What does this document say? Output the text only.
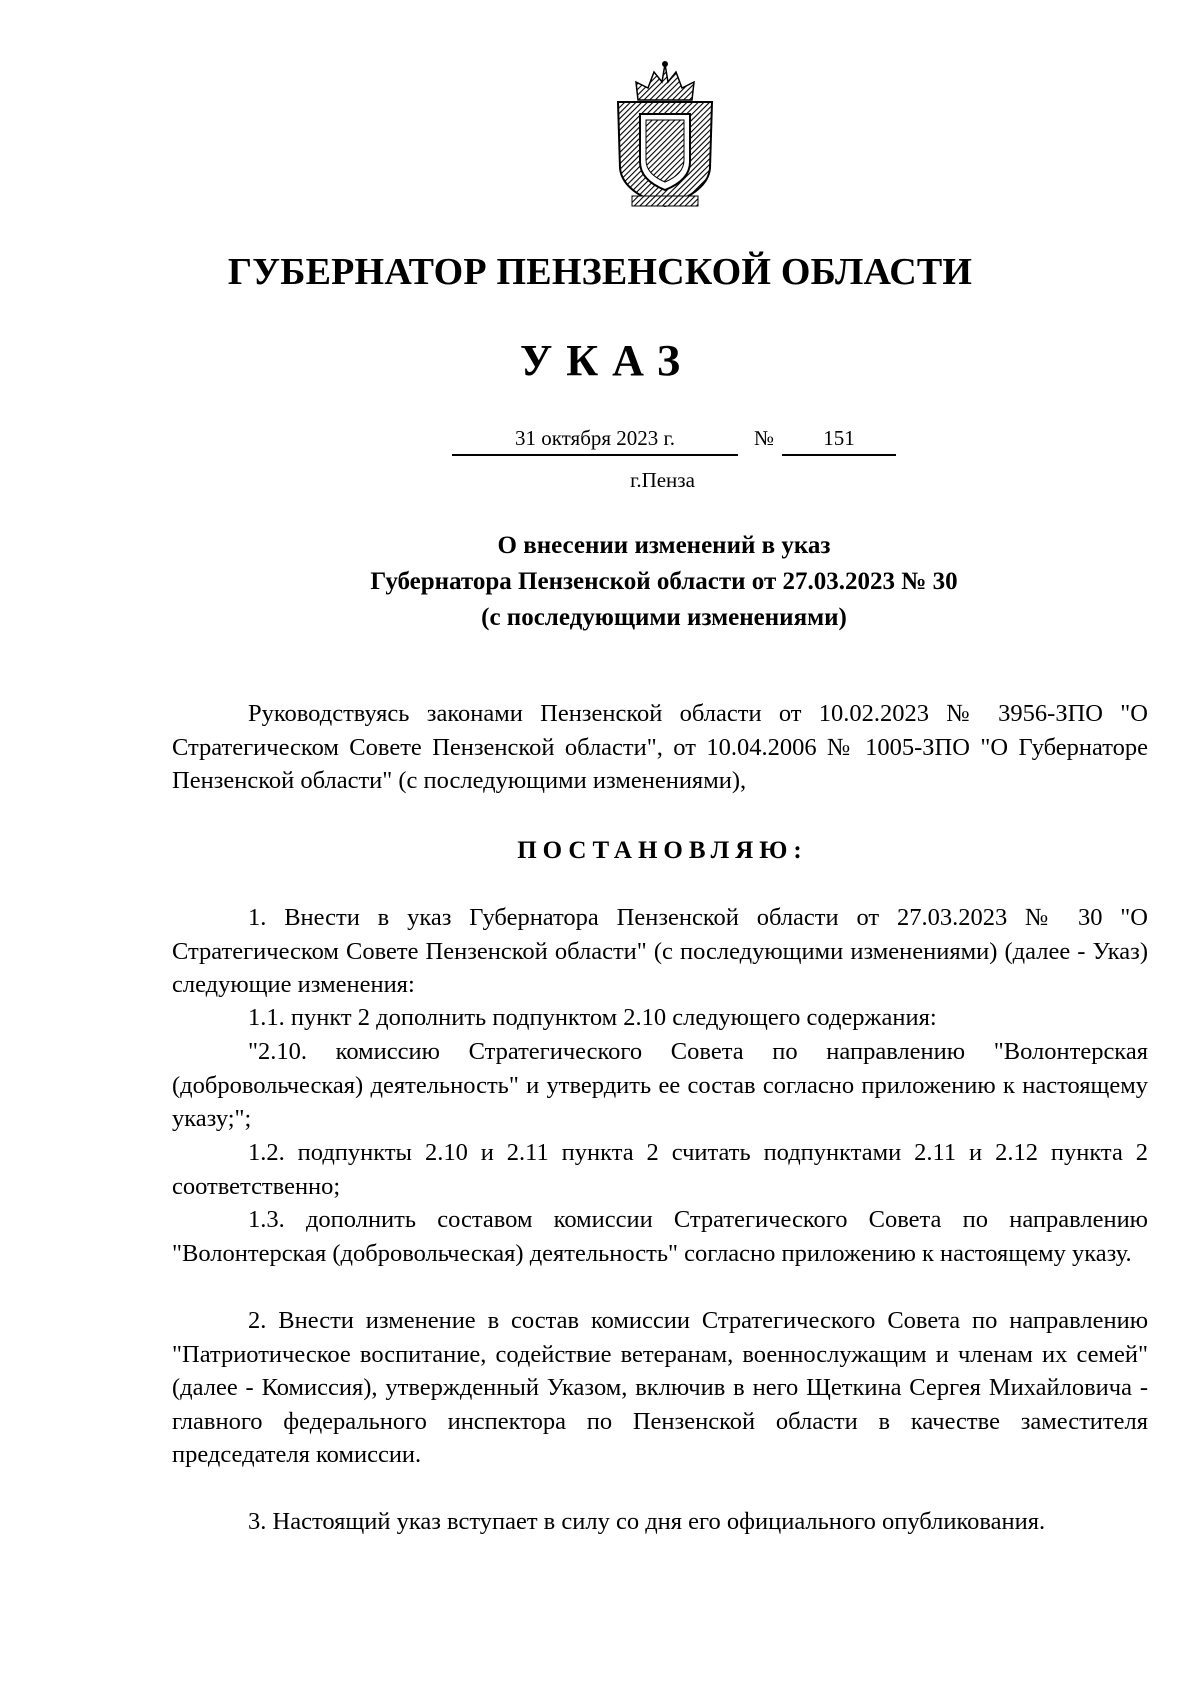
ГУБЕРНАТОР ПЕНЗЕНСКОЙ ОБЛАСТИ
УКАЗ
31 октября 2023 г.	№	151
г.Пенза
О внесении изменений в указ
Губернатора Пензенской области от 27.03.2023 № 30
(с последующими изменениями)

Руководствуясь законами Пензенской области от 10.02.2023 № 3956-ЗПО "О Стратегическом Совете Пензенской области", от 10.04.2006 № 1005-ЗПО "О Губернаторе Пензенской области" (с последующими изменениями),

ПОСТАНОВЛЯЮ:

1. Внести в указ Губернатора Пензенской области от 27.03.2023 № 30 "О Стратегическом Совете Пензенской области" (с последующими изменениями) (далее - Указ) следующие изменения:

1.1. пункт 2 дополнить подпунктом 2.10 следующего содержания:

"2.10. комиссию Стратегического Совета по направлению "Волонтерская (добровольческая) деятельность" и утвердить ее состав согласно приложению к настоящему указу;";

1.2. подпункты 2.10 и 2.11 пункта 2 считать подпунктами 2.11 и 2.12 пункта 2 соответственно;

1.3. дополнить составом комиссии Стратегического Совета по направлению "Волонтерская (добровольческая) деятельность" согласно приложению к настоящему указу.

2. Внести изменение в состав комиссии Стратегического Совета по направлению "Патриотическое воспитание, содействие ветеранам, военнослужащим и членам их семей" (далее - Комиссия), утвержденный Указом, включив в него Щеткина Сергея Михайловича - главного федерального инспектора по Пензенской области в качестве заместителя председателя комиссии.

3. Настоящий указ вступает в силу со дня его официального опубликования.
